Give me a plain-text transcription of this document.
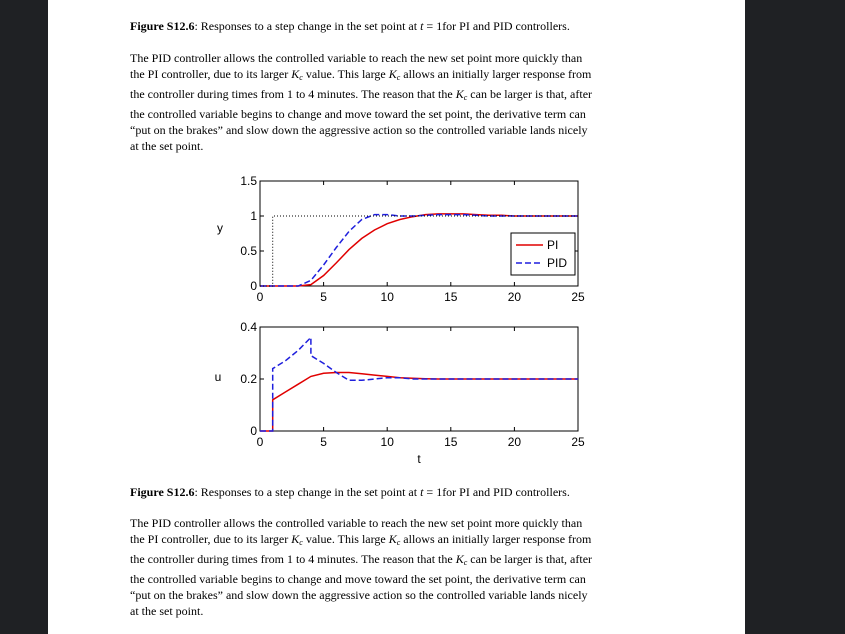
Figure S12.6: Responses to a step change in the set point at t = 1for PI and PID controllers.

The PID controller allows the controlled variable to reach the new set point more quickly than
the PI controller, due to its larger $K_c$ value. This large $K_c$ allows an initially larger response from
the controller during times from 1 to 4 minutes. The reason that the $K_c$ can be larger is that, after
the controlled variable begins to change and move toward the set point, the derivative term can
“put on the brakes” and slow down the aggressive action so the controlled variable lands nicely
at the set point.
0	5	10	15	20	25
0
0.5
1
1.5
y
PI
PID
0	5	10	15	20	25
0
0.2
0.4
u
t

Figure S12.6: Responses to a step change in the set point at t = 1for PI and PID controllers.

The PID controller allows the controlled variable to reach the new set point more quickly than
the PI controller, due to its larger $K_c$ value. This large $K_c$ allows an initially larger response from
the controller during times from 1 to 4 minutes. The reason that the $K_c$ can be larger is that, after
the controlled variable begins to change and move toward the set point, the derivative term can
“put on the brakes” and slow down the aggressive action so the controlled variable lands nicely
at the set point.
